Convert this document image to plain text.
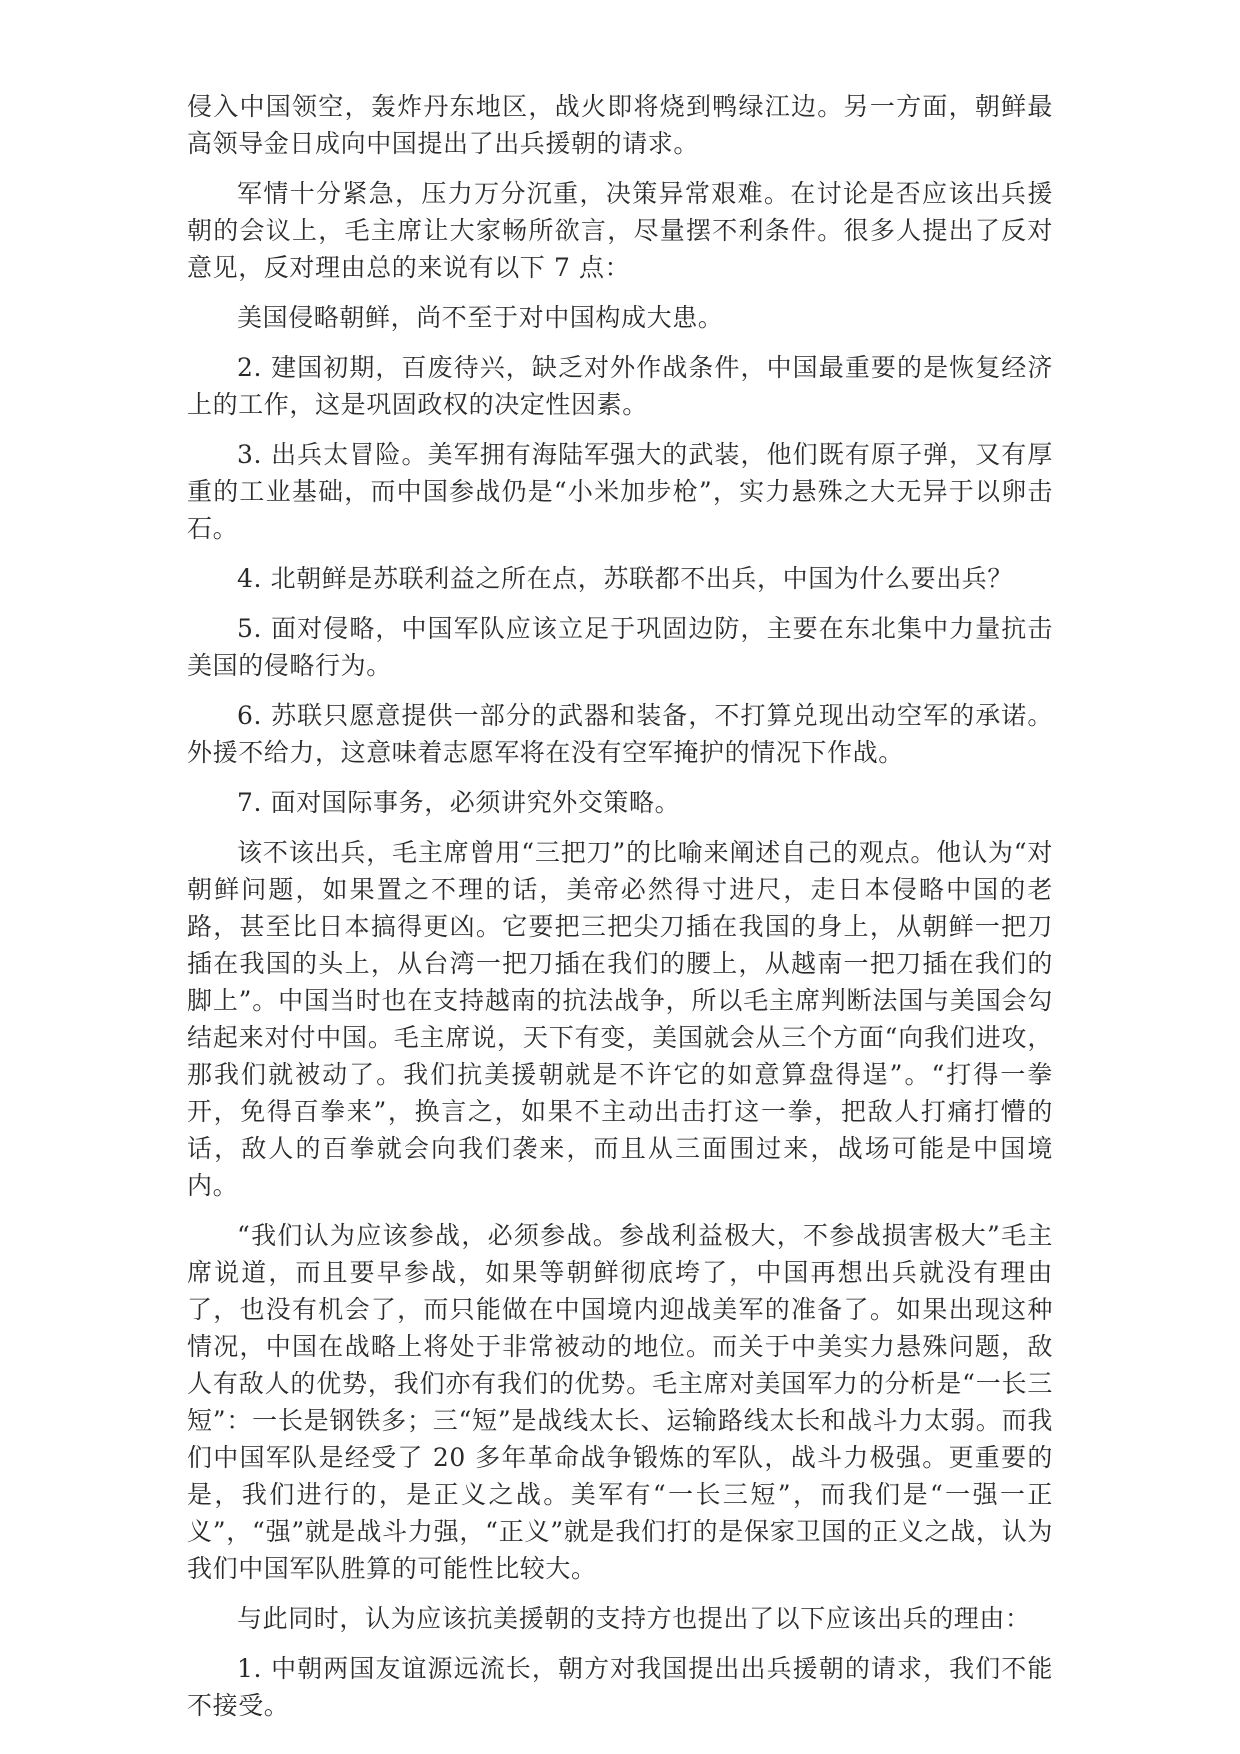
侵入中国领空，轰炸丹东地区，战火即将烧到鸭绿江边。另一方面，朝鲜最高领导金日成向中国提出了出兵援朝的请求。

军情十分紧急，压力万分沉重，决策异常艰难。在讨论是否应该出兵援朝的会议上，毛主席让大家畅所欲言，尽量摆不利条件。很多人提出了反对意见，反对理由总的来说有以下 7 点：

美国侵略朝鲜，尚不至于对中国构成大患。

2. 建国初期，百废待兴，缺乏对外作战条件，中国最重要的是恢复经济上的工作，这是巩固政权的决定性因素。

3. 出兵太冒险。美军拥有海陆军强大的武装，他们既有原子弹，又有厚重的工业基础，而中国参战仍是“小米加步枪”，实力悬殊之大无异于以卵击石。

4. 北朝鲜是苏联利益之所在点，苏联都不出兵，中国为什么要出兵？

5. 面对侵略，中国军队应该立足于巩固边防，主要在东北集中力量抗击美国的侵略行为。

6. 苏联只愿意提供一部分的武器和装备，不打算兑现出动空军的承诺。外援不给力，这意味着志愿军将在没有空军掩护的情况下作战。

7. 面对国际事务，必须讲究外交策略。

该不该出兵，毛主席曾用“三把刀”的比喻来阐述自己的观点。他认为“对朝鲜问题，如果置之不理的话，美帝必然得寸进尺，走日本侵略中国的老路，甚至比日本搞得更凶。它要把三把尖刀插在我国的身上，从朝鲜一把刀插在我国的头上，从台湾一把刀插在我们的腰上，从越南一把刀插在我们的脚上”。中国当时也在支持越南的抗法战争，所以毛主席判断法国与美国会勾结起来对付中国。毛主席说，天下有变，美国就会从三个方面“向我们进攻，那我们就被动了。我们抗美援朝就是不许它的如意算盘得逞”。“打得一拳开，免得百拳来”，换言之，如果不主动出击打这一拳，把敌人打痛打懵的话，敌人的百拳就会向我们袭来，而且从三面围过来，战场可能是中国境内。

“我们认为应该参战，必须参战。参战利益极大，不参战损害极大”毛主席说道，而且要早参战，如果等朝鲜彻底垮了，中国再想出兵就没有理由了，也没有机会了，而只能做在中国境内迎战美军的准备了。如果出现这种情况，中国在战略上将处于非常被动的地位。而关于中美实力悬殊问题，敌人有敌人的优势，我们亦有我们的优势。毛主席对美国军力的分析是“一长三短”：一长是钢铁多；三“短”是战线太长、运输路线太长和战斗力太弱。而我们中国军队是经受了 20 多年革命战争锻炼的军队，战斗力极强。更重要的是，我们进行的，是正义之战。美军有“一长三短”，而我们是“一强一正义”，“强”就是战斗力强，“正义”就是我们打的是保家卫国的正义之战，认为我们中国军队胜算的可能性比较大。

与此同时，认为应该抗美援朝的支持方也提出了以下应该出兵的理由：

1. 中朝两国友谊源远流长，朝方对我国提出出兵援朝的请求，我们不能不接受。
